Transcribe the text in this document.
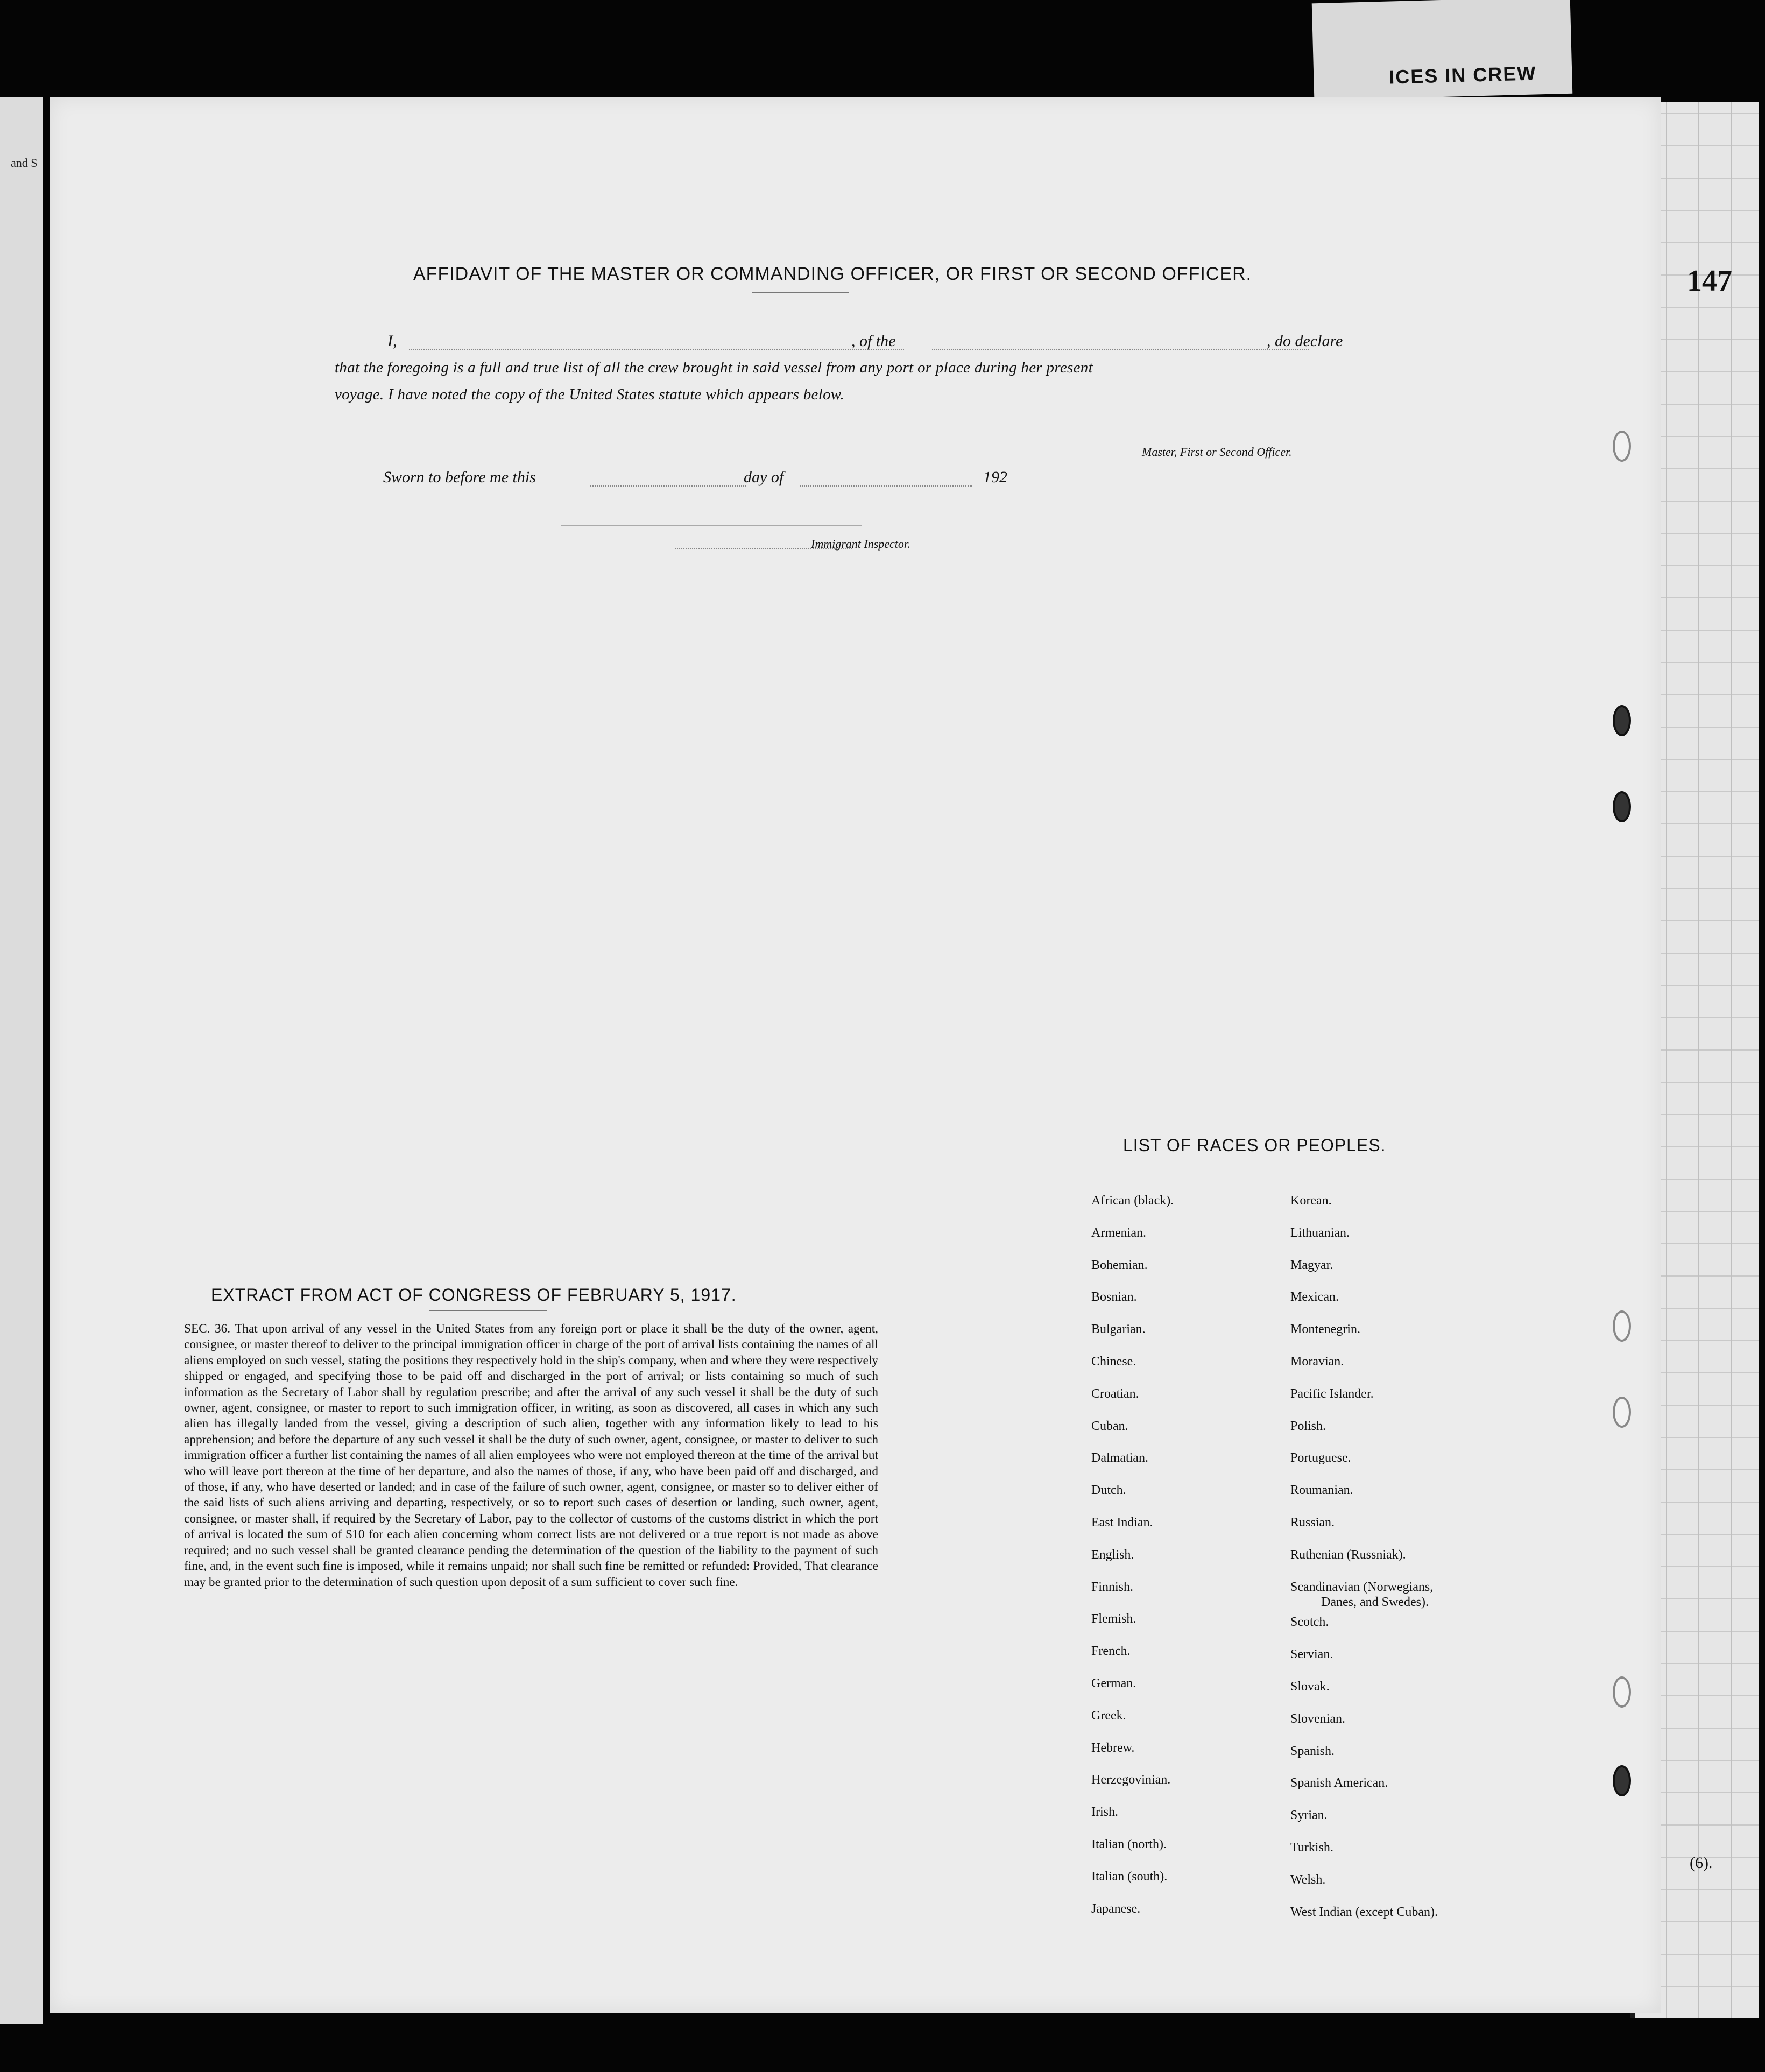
ICES IN CREW
147
(6).
and S
AFFIDAVIT OF THE MASTER OR COMMANDING OFFICER, OR FIRST OR SECOND OFFICER.
I,	, of the	, do declare
that the foregoing is a full and true list of all the crew brought in said vessel from any port or place during her present
voyage. I have noted the copy of the United States statute which appears below.
Master, First or Second Officer.
Sworn to before me this	day of	192
Immigrant Inspector.
EXTRACT FROM ACT OF CONGRESS OF FEBRUARY 5, 1917.

SEC. 36. That upon arrival of any vessel in the United States from any foreign port or place it shall be the duty of the owner, agent, consignee, or master thereof to deliver to the principal immigration officer in charge of the port of arrival lists containing the names of all aliens employed on such vessel, stating the positions they respectively hold in the ship's company, when and where they were respectively shipped or engaged, and specifying those to be paid off and discharged in the port of arrival; or lists containing so much of such information as the Secretary of Labor shall by regulation prescribe; and after the arrival of any such vessel it shall be the duty of such owner, agent, consignee, or master to report to such immigration officer, in writing, as soon as discovered, all cases in which any such alien has illegally landed from the vessel, giving a description of such alien, together with any information likely to lead to his apprehension; and before the departure of any such vessel it shall be the duty of such owner, agent, consignee, or master to deliver to such immigration officer a further list containing the names of all alien employees who were not employed thereon at the time of the arrival but who will leave port thereon at the time of her departure, and also the names of those, if any, who have been paid off and discharged, and of those, if any, who have deserted or landed; and in case of the failure of such owner, agent, consignee, or master so to deliver either of the said lists of such aliens arriving and departing, respectively, or so to report such cases of desertion or landing, such owner, agent, consignee, or master shall, if required by the Secretary of Labor, pay to the collector of customs of the customs district in which the port of arrival is located the sum of $10 for each alien concerning whom correct lists are not delivered or a true report is not made as above required; and no such vessel shall be granted clearance pending the determination of the question of the liability to the payment of such fine, and, in the event such fine is imposed, while it remains unpaid; nor shall such fine be remitted or refunded: Provided, That clearance may be granted prior to the determination of such question upon deposit of a sum sufficient to cover such fine.

LIST OF RACES OR PEOPLES.
African (black).
Armenian.
Bohemian.
Bosnian.
Bulgarian.
Chinese.
Croatian.
Cuban.
Dalmatian.
Dutch.
East Indian.
English.
Finnish.
Flemish.
French.
German.
Greek.
Hebrew.
Herzegovinian.
Irish.
Italian (north).
Italian (south).
Japanese.
Korean.
Lithuanian.
Magyar.
Mexican.
Montenegrin.
Moravian.
Pacific Islander.
Polish.
Portuguese.
Roumanian.
Russian.
Ruthenian (Russniak).
Scandinavian (Norwegians,
Danes, and Swedes).
Scotch.
Servian.
Slovak.
Slovenian.
Spanish.
Spanish American.
Syrian.
Turkish.
Welsh.
West Indian (except Cuban).
